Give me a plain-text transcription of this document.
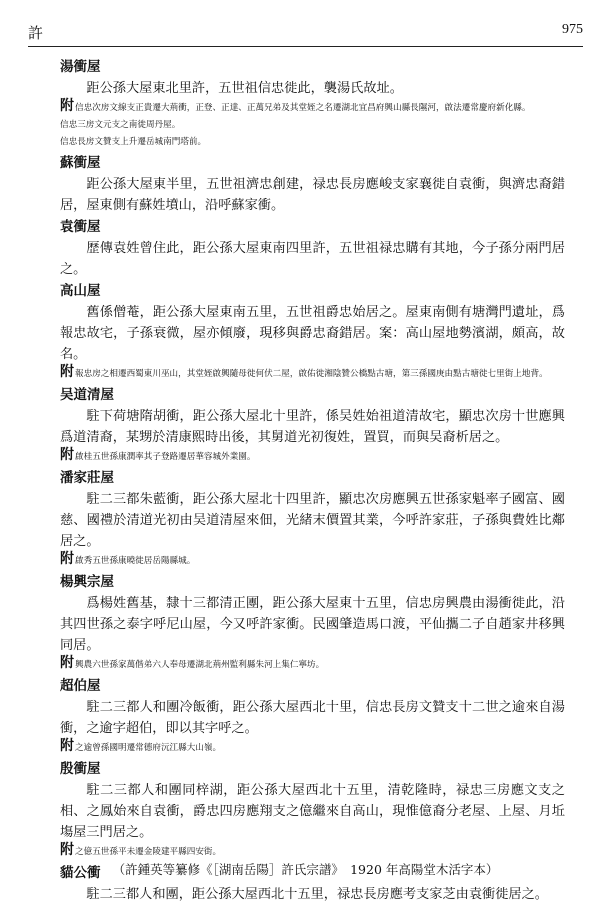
許	975
湯衝屋

距公孫大屋東北里許，五世祖信忠徙此，襲湯氏故址。

附信忠次房文線支正貴遷大荊衝，正登、正達、正萬兄弟及其堂姪之名遷湖北宜昌府興山縣長隰河，啟法遷常慶府新化縣。

信忠三房文元支之南徙周丹屋。

信忠長房文贊支上升遷岳城南門塔前。

蘇衝屋

距公孫大屋東半里，五世祖濟忠創建，禄忠長房應峻支家襄徙自袁衝，與濟忠裔錯居，屋東側有蘇姓墳山，沿呼蘇家衝。

袁衝屋

歷傳袁姓曾住此，距公孫大屋東南四里許，五世祖禄忠購有其地，今子孫分兩門居之。

高山屋

舊係僧菴，距公孫大屋東南五里，五世祖爵忠始居之。屋東南側有塘灣門遺址，爲報忠故宅，子孫衰微，屋亦傾廢，現移與爵忠裔錯居。案：高山屋地勢濱湖，頗高，故名。

附報忠房之相遷西蜀東川巫山，其堂姪啟興隨母徙何伏二屋，啟佑徙湘陰贊公橋點古塘，第三孫國庚由點古塘徙七里街上地背。

吴道清屋

駐下荷塘隋胡衝，距公孫大屋北十里許，係吴姓始祖道清故宅，顯忠次房十世應興爲道清裔，某甥於清康熙時出後，其舅道光初復姓，置買，而與吴裔析居之。

附啟桂五世孫康潤率其子登路遷居華容城外業園。

潘家莊屋

駐二三都朱藍衝，距公孫大屋北十四里許，顯忠次房應興五世孫家魁率子國富、國慈、國禮於清道光初由吴道清屋來佃，光緒末價置其業，今呼許家莊，子孫與費姓比鄰居之。

附啟秀五世孫康曉徙居岳陽縣城。

楊興宗屋

爲楊姓舊基，隸十三都清正團，距公孫大屋東十五里，信忠房興農由湯衝徙此，沿其四世孫之泰字呼尼山屋，今又呼許家衝。民國肇造馬口渡，平仙攜二子自趙家井移興同居。

附興農六世孫家萬偕弟六人奉母遷湖北荊州監利縣朱河上集仁寧坊。

超伯屋

駐二三都人和團冷飯衝，距公孫大屋西北十里，信忠長房文贊支十二世之逾來自湯衝，之逾字超伯，即以其字呼之。

附之逾曾孫國明遷常德府沅江縣大山嶺。

殷衝屋

駐二三都人和團同梓湖，距公孫大屋西北十五里，清乾隆時，禄忠三房應文支之相、之鳳始來自袁衝，爵忠四房應翔支之億繼來自高山，現惟億裔分老屋、上屋、月坵塲屋三門居之。

附之億五世孫平未遷金陵建平縣四安街。

貓公衝

駐二三都人和團，距公孫大屋西北十五里，禄忠長房應考支家芝由袁衝徙居之。

（許鍾英等纂修《［湖南岳陽］許氏宗譜》　1920 年高陽堂木活字本）
